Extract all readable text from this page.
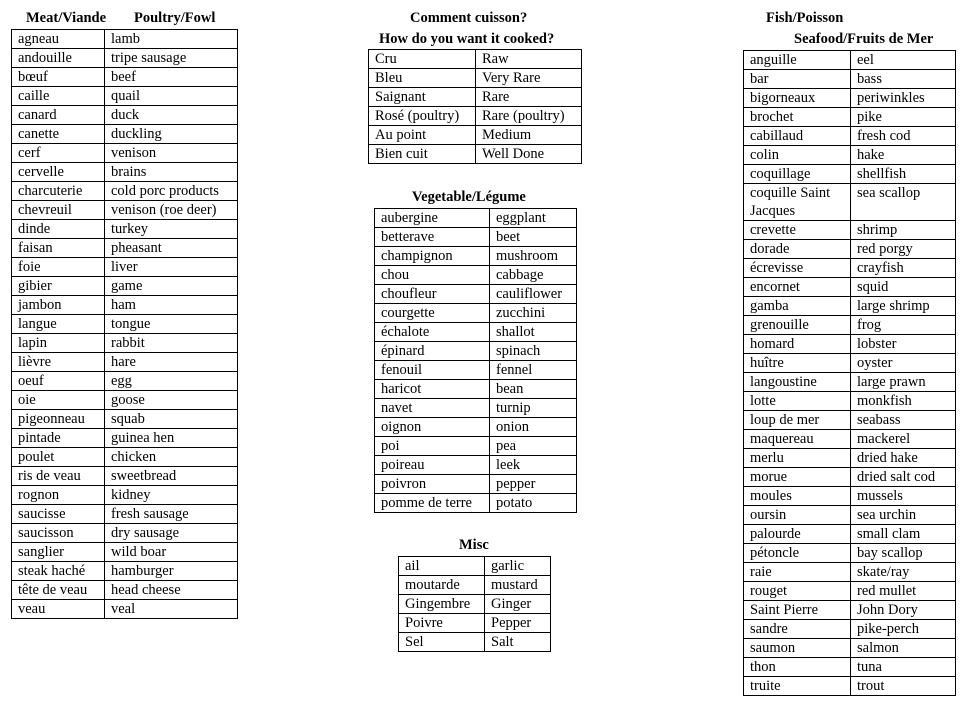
Meat/Viande Poultry/Fowl
agneau	lamb
andouille	tripe sausage
bœuf	beef
caille	quail
canard	duck
canette	duckling
cerf	venison
cervelle	brains
charcuterie	cold porc products
chevreuil	venison (roe deer)
dinde	turkey
faisan	pheasant
foie	liver
gibier	game
jambon	ham
langue	tongue
lapin	rabbit
lièvre	hare
oeuf	egg
oie	goose
pigeonneau	squab
pintade	guinea hen
poulet	chicken
ris de veau	sweetbread
rognon	kidney
saucisse	fresh sausage
saucisson	dry sausage
sanglier	wild boar
steak haché	hamburger
tête de veau	head cheese
veau	veal
Comment cuisson?
How do you want it cooked?
Cru	Raw
Bleu	Very Rare
Saignant	Rare
Rosé (poultry)	Rare (poultry)
Au point	Medium
Bien cuit	Well Done
Vegetable/Légume
aubergine	eggplant
betterave	beet
champignon	mushroom
chou	cabbage
choufleur	cauliflower
courgette	zucchini
échalote	shallot
épinard	spinach
fenouil	fennel
haricot	bean
navet	turnip
oignon	onion
poi	pea
poireau	leek
poivron	pepper
pomme de terre	potato
Misc
ail	garlic
moutarde	mustard
Gingembre	Ginger
Poivre	Pepper
Sel	Salt
Fish/Poisson
Seafood/Fruits de Mer
anguille	eel
bar	bass
bigorneaux	periwinkles
brochet	pike
cabillaud	fresh cod
colin	hake
coquillage	shellfish
coquille Saint Jacques	sea scallop
crevette	shrimp
dorade	red porgy
écrevisse	crayfish
encornet	squid
gamba	large shrimp
grenouille	frog
homard	lobster
huître	oyster
langoustine	large prawn
lotte	monkfish
loup de mer	seabass
maquereau	mackerel
merlu	dried hake
morue	dried salt cod
moules	mussels
oursin	sea urchin
palourde	small clam
pétoncle	bay scallop
raie	skate/ray
rouget	red mullet
Saint Pierre	John Dory
sandre	pike-perch
saumon	salmon
thon	tuna
truite	trout
